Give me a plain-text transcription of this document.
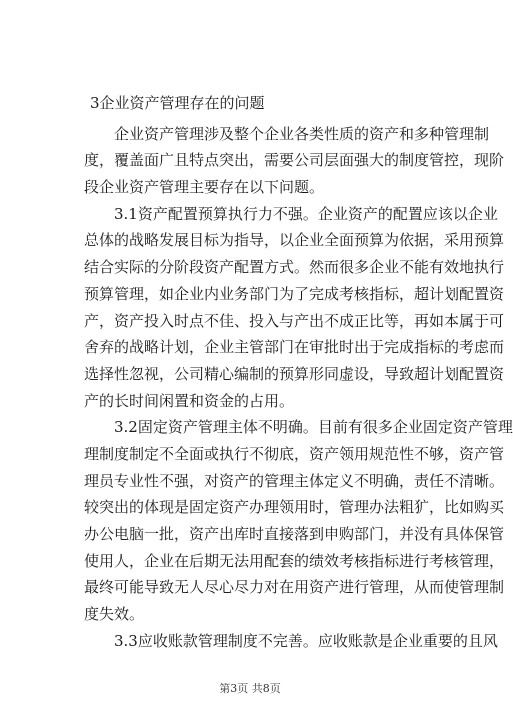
3企业资产管理存在的问题
企业资产管理涉及整个企业各类性质的资产和多种管理制
度，覆盖面广且特点突出，需要公司层面强大的制度管控，现阶
段企业资产管理主要存在以下问题。
3.1资产配置预算执行力不强。企业资产的配置应该以企业
总体的战略发展目标为指导，以企业全面预算为依据，采用预算
结合实际的分阶段资产配置方式。然而很多企业不能有效地执行
预算管理，如企业内业务部门为了完成考核指标，超计划配置资
产，资产投入时点不佳、投入与产出不成正比等，再如本属于可
舍弃的战略计划，企业主管部门在审批时出于完成指标的考虑而
选择性忽视，公司精心编制的预算形同虚设，导致超计划配置资
产的长时间闲置和资金的占用。
3.2固定资产管理主体不明确。目前有很多企业固定资产管理
理制度制定不全面或执行不彻底，资产领用规范性不够，资产管
理员专业性不强，对资产的管理主体定义不明确，责任不清晰。
较突出的体现是固定资产办理领用时，管理办法粗犷，比如购买
办公电脑一批，资产出库时直接落到申购部门，并没有具体保管
使用人，企业在后期无法用配套的绩效考核指标进行考核管理，
最终可能导致无人尽心尽力对在用资产进行管理，从而使管理制
度失效。
3.3应收账款管理制度不完善。应收账款是企业重要的且风
第3页 共8页
